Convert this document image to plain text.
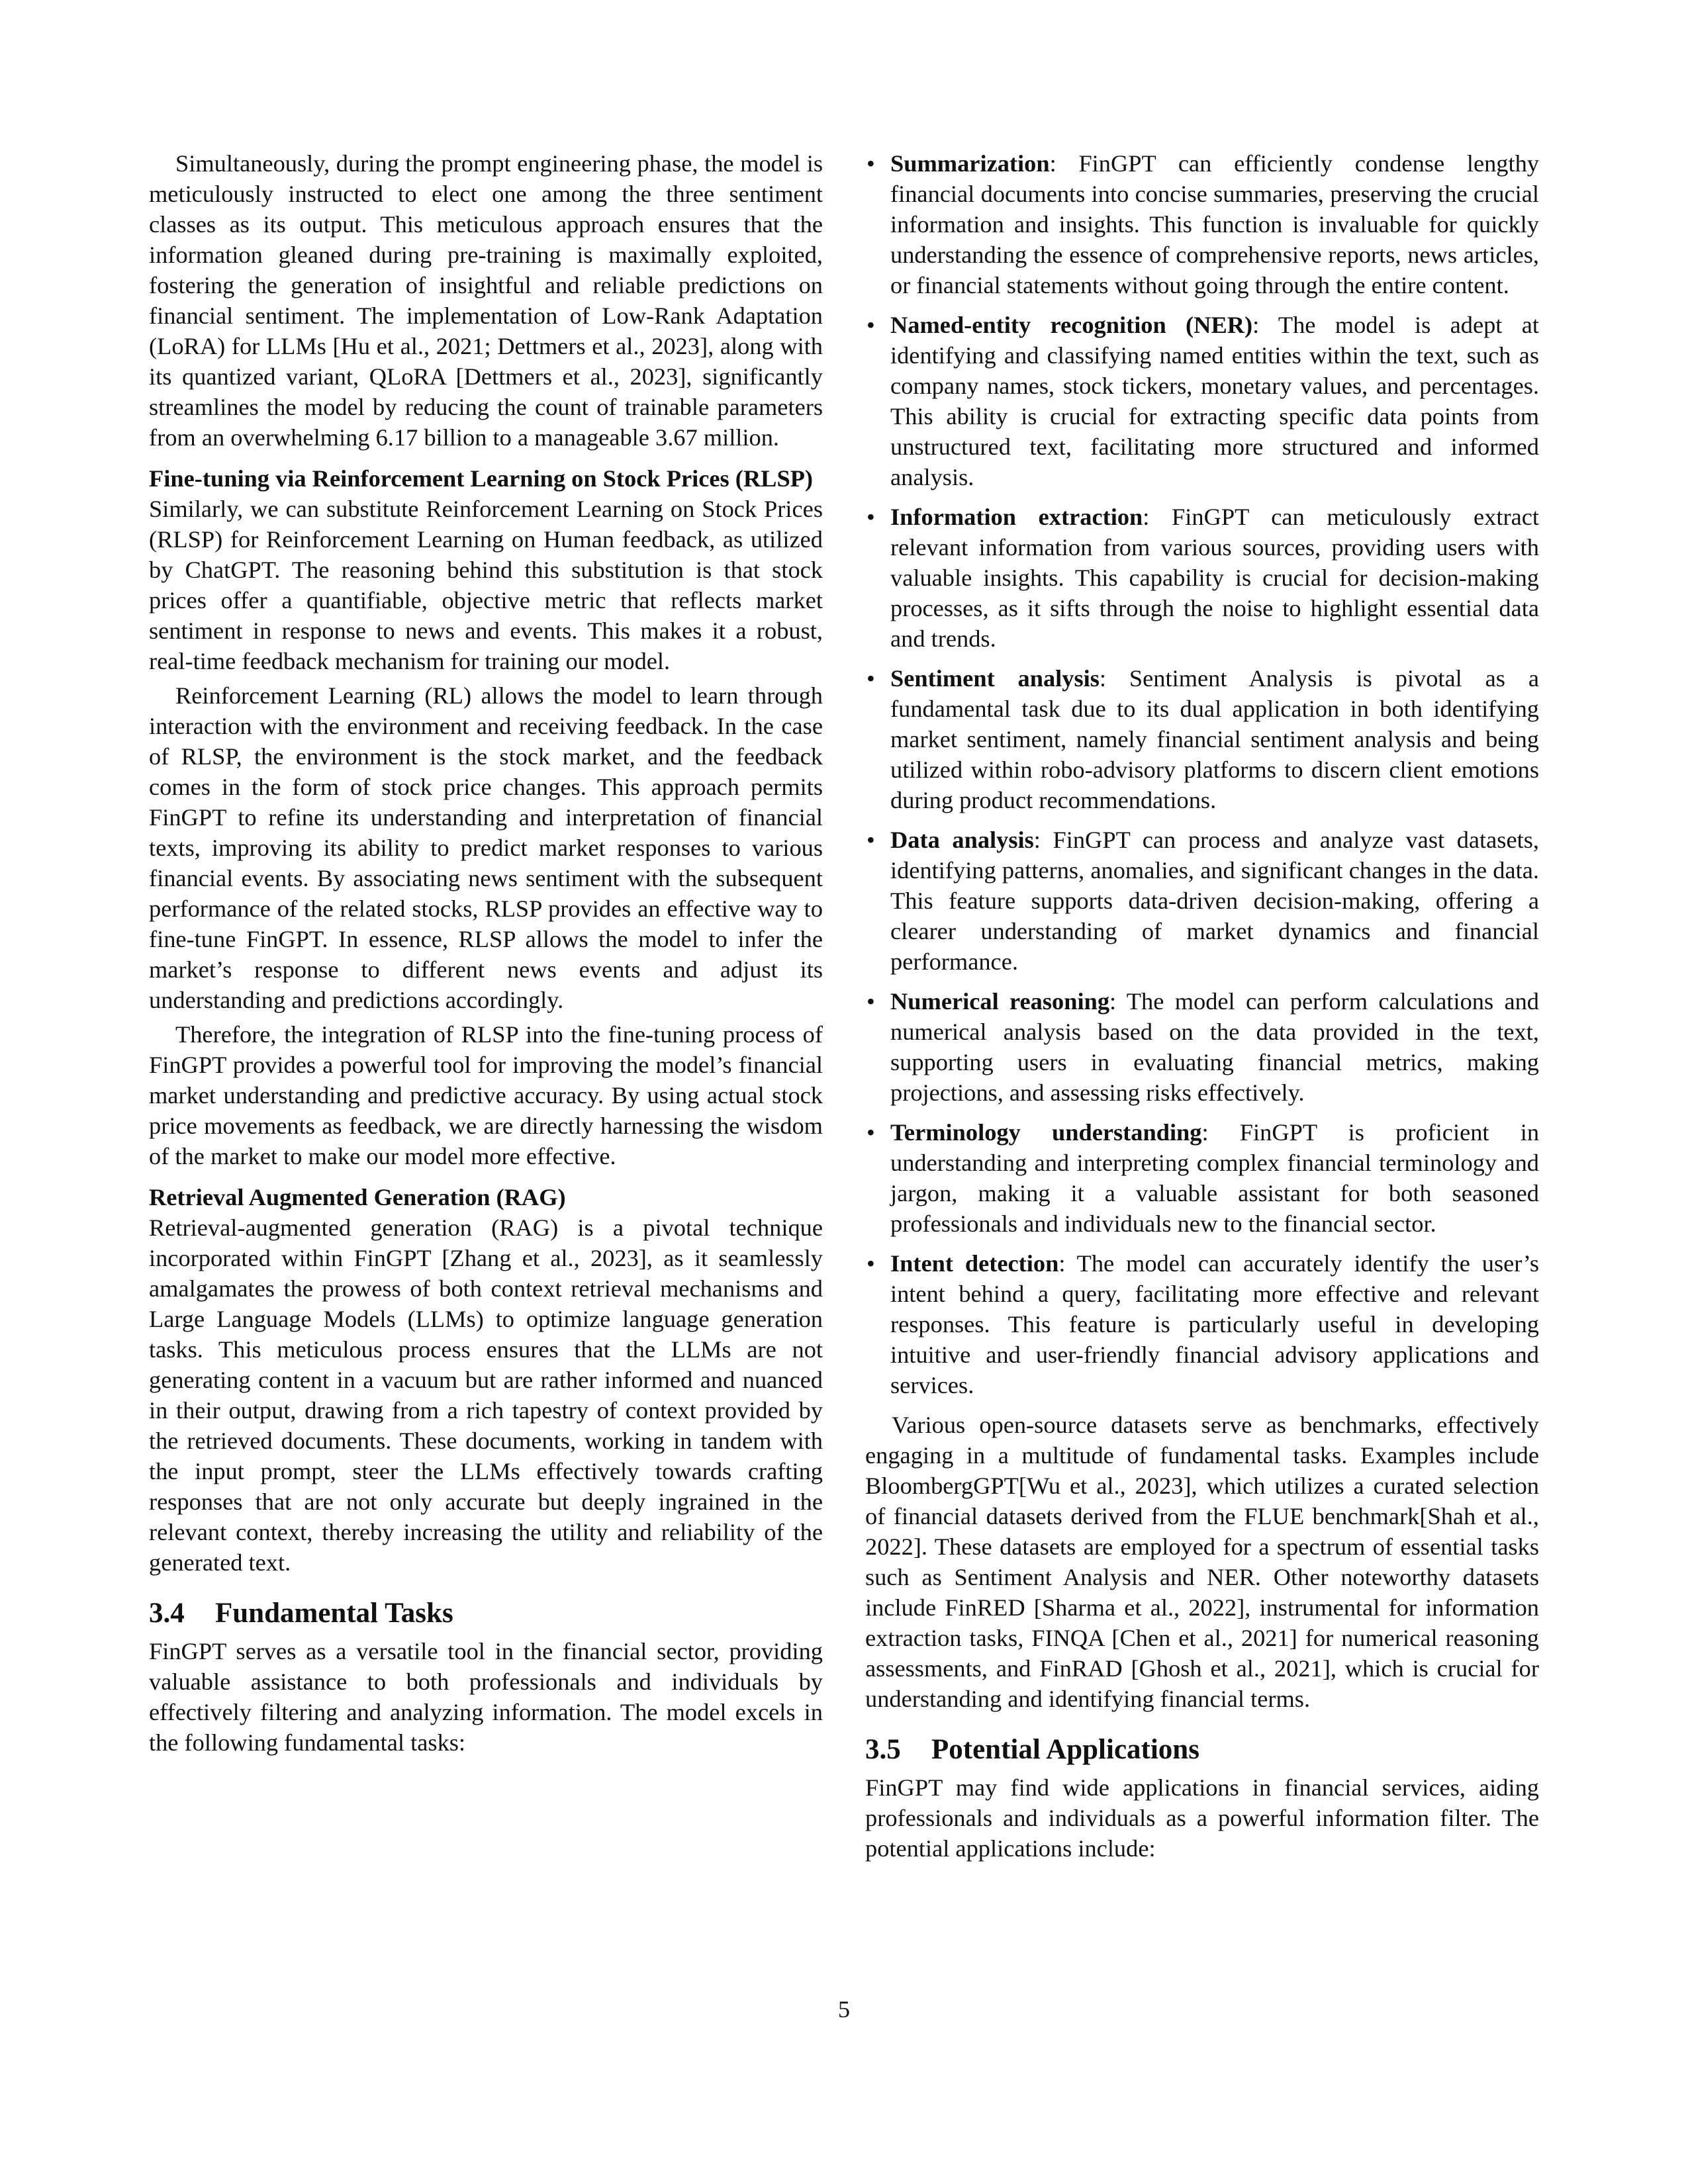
Simultaneously, during the prompt engineering phase, the model is meticulously instructed to elect one among the three sentiment classes as its output. This meticulous approach ensures that the information gleaned during pre-training is maximally exploited, fostering the generation of insightful and reliable predictions on financial sentiment. The implementation of Low-Rank Adaptation (LoRA) for LLMs [Hu et al., 2021; Dettmers et al., 2023], along with its quantized variant, QLoRA [Dettmers et al., 2023], significantly streamlines the model by reducing the count of trainable parameters from an overwhelming 6.17 billion to a manageable 3.67 million.

Fine-tuning via Reinforcement Learning on Stock Prices (RLSP)

Similarly, we can substitute Reinforcement Learning on Stock Prices (RLSP) for Reinforcement Learning on Human feedback, as utilized by ChatGPT. The reasoning behind this substitution is that stock prices offer a quantifiable, objective metric that reflects market sentiment in response to news and events. This makes it a robust, real-time feedback mechanism for training our model.

Reinforcement Learning (RL) allows the model to learn through interaction with the environment and receiving feedback. In the case of RLSP, the environment is the stock market, and the feedback comes in the form of stock price changes. This approach permits FinGPT to refine its understanding and interpretation of financial texts, improving its ability to predict market responses to various financial events. By associating news sentiment with the subsequent performance of the related stocks, RLSP provides an effective way to fine-tune FinGPT. In essence, RLSP allows the model to infer the market’s response to different news events and adjust its understanding and predictions accordingly.

Therefore, the integration of RLSP into the fine-tuning process of FinGPT provides a powerful tool for improving the model’s financial market understanding and predictive accuracy. By using actual stock price movements as feedback, we are directly harnessing the wisdom of the market to make our model more effective.

Retrieval Augmented Generation (RAG)

Retrieval-augmented generation (RAG) is a pivotal technique incorporated within FinGPT [Zhang et al., 2023], as it seamlessly amalgamates the prowess of both context retrieval mechanisms and Large Language Models (LLMs) to optimize language generation tasks. This meticulous process ensures that the LLMs are not generating content in a vacuum but are rather informed and nuanced in their output, drawing from a rich tapestry of context provided by the retrieved documents. These documents, working in tandem with the input prompt, steer the LLMs effectively towards crafting responses that are not only accurate but deeply ingrained in the relevant context, thereby increasing the utility and reliability of the generated text.

3.4 Fundamental Tasks

FinGPT serves as a versatile tool in the financial sector, providing valuable assistance to both professionals and individuals by effectively filtering and analyzing information. The model excels in the following fundamental tasks:

• Summarization: FinGPT can efficiently condense lengthy financial documents into concise summaries, preserving the crucial information and insights. This function is invaluable for quickly understanding the essence of comprehensive reports, news articles, or financial statements without going through the entire content.

• Named-entity recognition (NER): The model is adept at identifying and classifying named entities within the text, such as company names, stock tickers, monetary values, and percentages. This ability is crucial for extracting specific data points from unstructured text, facilitating more structured and informed analysis.

• Information extraction: FinGPT can meticulously extract relevant information from various sources, providing users with valuable insights. This capability is crucial for decision-making processes, as it sifts through the noise to highlight essential data and trends.

• Sentiment analysis: Sentiment Analysis is pivotal as a fundamental task due to its dual application in both identifying market sentiment, namely financial sentiment analysis and being utilized within robo-advisory platforms to discern client emotions during product recommendations.

• Data analysis: FinGPT can process and analyze vast datasets, identifying patterns, anomalies, and significant changes in the data. This feature supports data-driven decision-making, offering a clearer understanding of market dynamics and financial performance.

• Numerical reasoning: The model can perform calculations and numerical analysis based on the data provided in the text, supporting users in evaluating financial metrics, making projections, and assessing risks effectively.

• Terminology understanding: FinGPT is proficient in understanding and interpreting complex financial terminology and jargon, making it a valuable assistant for both seasoned professionals and individuals new to the financial sector.

• Intent detection: The model can accurately identify the user’s intent behind a query, facilitating more effective and relevant responses. This feature is particularly useful in developing intuitive and user-friendly financial advisory applications and services.

Various open-source datasets serve as benchmarks, effectively engaging in a multitude of fundamental tasks. Examples include BloombergGPT[Wu et al., 2023], which utilizes a curated selection of financial datasets derived from the FLUE benchmark[Shah et al., 2022]. These datasets are employed for a spectrum of essential tasks such as Sentiment Analysis and NER. Other noteworthy datasets include FinRED [Sharma et al., 2022], instrumental for information extraction tasks, FINQA [Chen et al., 2021] for numerical reasoning assessments, and FinRAD [Ghosh et al., 2021], which is crucial for understanding and identifying financial terms.

3.5 Potential Applications

FinGPT may find wide applications in financial services, aiding professionals and individuals as a powerful information filter. The potential applications include:

5
